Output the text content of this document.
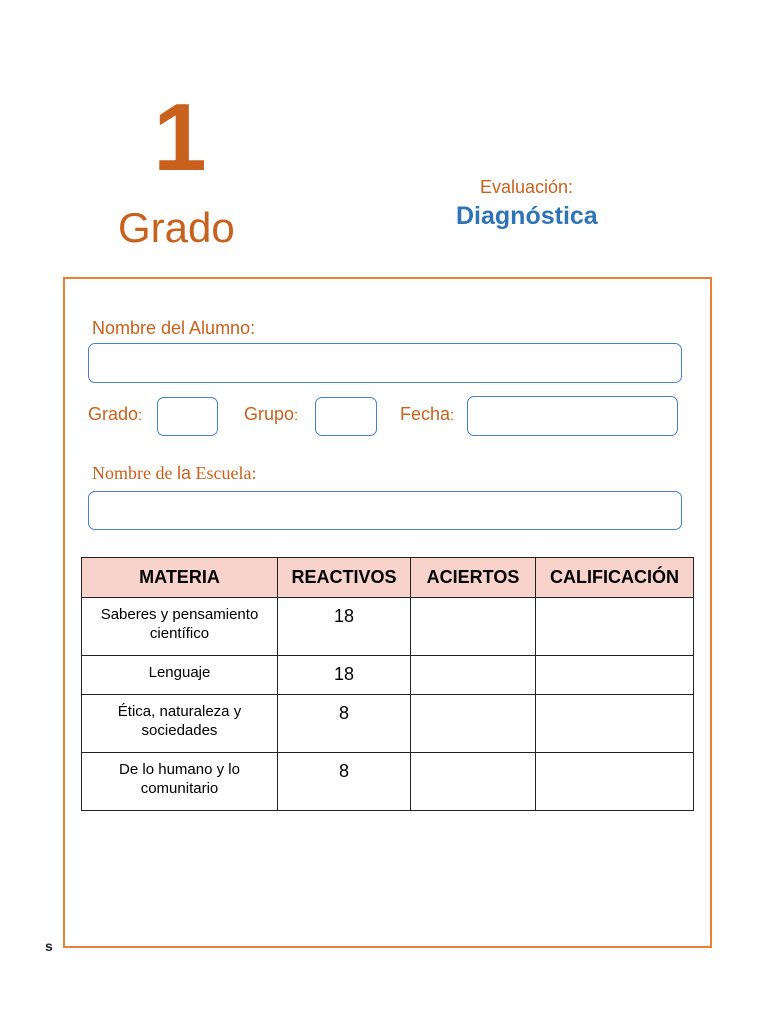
1
Grado
Evaluación:
Diagnóstica
Nombre del Alumno:
Grado:	Grupo:	Fecha:
Nombre de la Escuela:
MATERIA	REACTIVOS	ACIERTOS	CALIFICACIÓN
Saberes y pensamiento científico	18		
Lenguaje	18		
Ética, naturaleza y sociedades	8		
De lo humano y lo comunitario	8		
s
